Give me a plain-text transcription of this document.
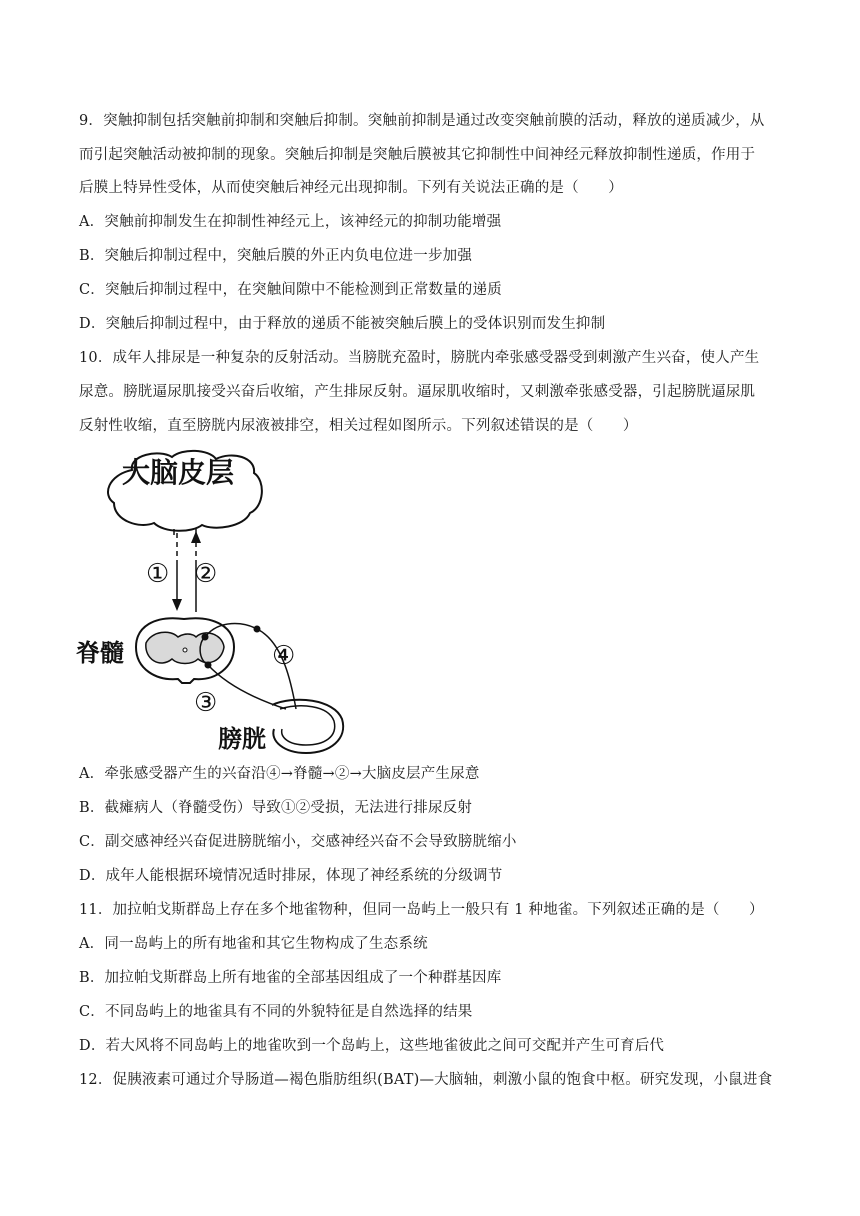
9．突触抑制包括突触前抑制和突触后抑制。突触前抑制是通过改变突触前膜的活动，释放的递质减少，从
而引起突触活动被抑制的现象。突触后抑制是突触后膜被其它抑制性中间神经元释放抑制性递质，作用于
后膜上特异性受体，从而使突触后神经元出现抑制。下列有关说法正确的是（　　）
A．突触前抑制发生在抑制性神经元上，该神经元的抑制功能增强
B．突触后抑制过程中，突触后膜的外正内负电位进一步加强
C．突触后抑制过程中，在突触间隙中不能检测到正常数量的递质
D．突触后抑制过程中，由于释放的递质不能被突触后膜上的受体识别而发生抑制
10．成年人排尿是一种复杂的反射活动。当膀胱充盈时，膀胱内牵张感受器受到刺激产生兴奋，使人产生
尿意。膀胱逼尿肌接受兴奋后收缩，产生排尿反射。逼尿肌收缩时，又刺激牵张感受器，引起膀胱逼尿肌
反射性收缩，直至膀胱内尿液被排空，相关过程如图所示。下列叙述错误的是（　　）
大脑皮层
脊髓
膀胱
① ②
③
④
A．牵张感受器产生的兴奋沿④→脊髓→②→大脑皮层产生尿意
B．截瘫病人（脊髓受伤）导致①②受损，无法进行排尿反射
C．副交感神经兴奋促进膀胱缩小，交感神经兴奋不会导致膀胱缩小
D．成年人能根据环境情况适时排尿，体现了神经系统的分级调节
11．加拉帕戈斯群岛上存在多个地雀物种，但同一岛屿上一般只有 1 种地雀。下列叙述正确的是（　　）
A．同一岛屿上的所有地雀和其它生物构成了生态系统
B．加拉帕戈斯群岛上所有地雀的全部基因组成了一个种群基因库
C．不同岛屿上的地雀具有不同的外貌特征是自然选择的结果
D．若大风将不同岛屿上的地雀吹到一个岛屿上，这些地雀彼此之间可交配并产生可育后代
12．促胰液素可通过介导肠道—褐色脂肪组织(BAT)—大脑轴，刺激小鼠的饱食中枢。研究发现，小鼠进食
